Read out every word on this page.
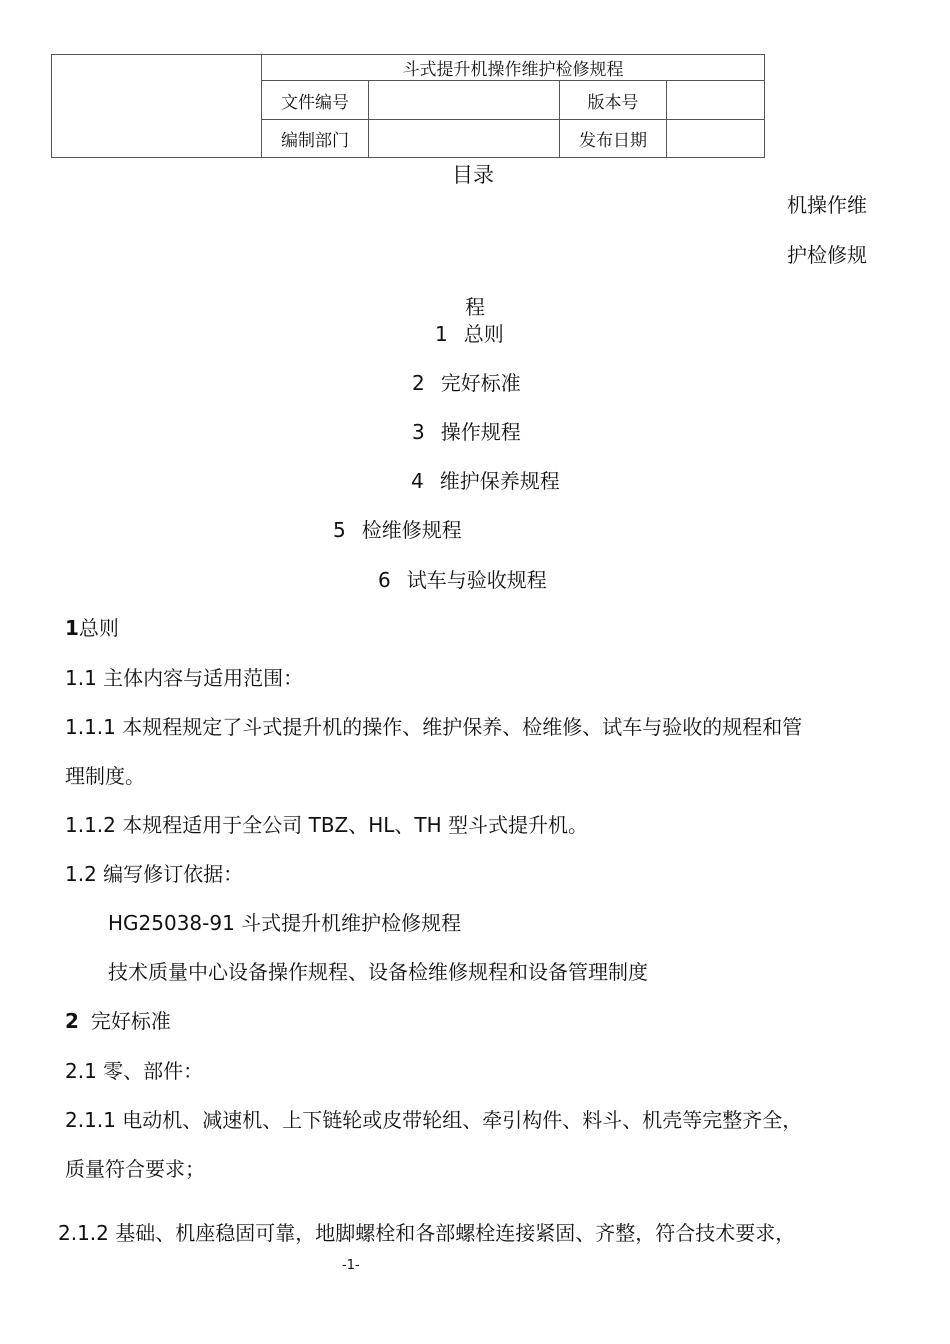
	斗式提升机操作维护检修规程			
	文件编号		版本号	
	编制部门		发布日期	
目录
机操作维
护检修规
程
1 总则
2 完好标准
3 操作规程
4 维护保养规程
5 检维修规程
6 试车与验收规程
1总则
1.1 主体内容与适用范围：
1.1.1 本规程规定了斗式提升机的操作、维护保养、检维修、试车与验收的规程和管
理制度。
1.1.2 本规程适用于全公司 TBZ、HL、TH 型斗式提升机。
1.2 编写修订依据：
HG25038-91 斗式提升机维护检修规程
技术质量中心设备操作规程、设备检维修规程和设备管理制度
2 完好标准
2.1 零、部件：
2.1.1 电动机、减速机、上下链轮或皮带轮组、牵引构件、料斗、机壳等完整齐全，
质量符合要求；
2.1.2 基础、机座稳固可靠，地脚螺栓和各部螺栓连接紧固、齐整，符合技术要求，
-1-
